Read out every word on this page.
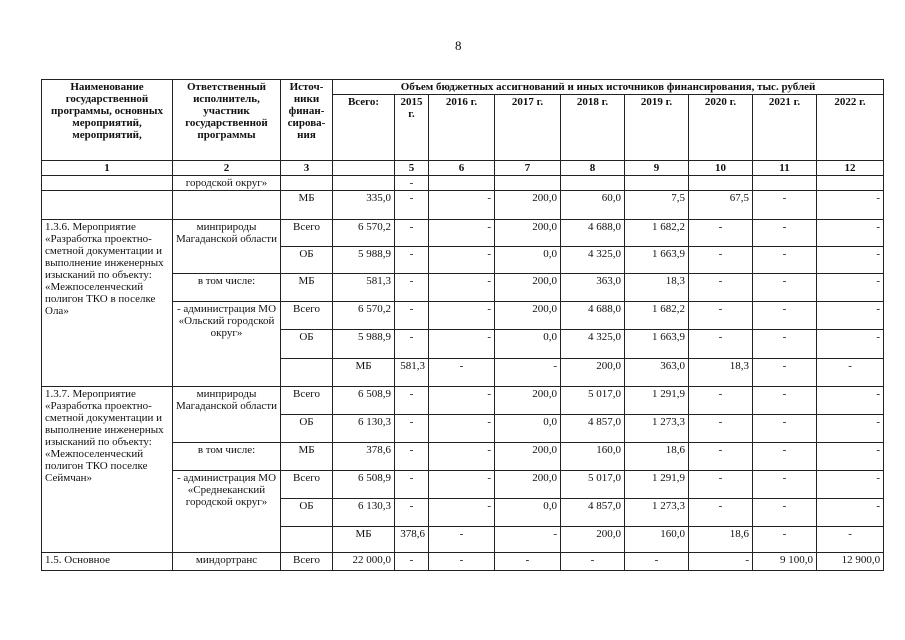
8
Наименование государственной программы, основных мероприятий, мероприятий,	Ответственный исполнитель, участник государственной программы	Источ-ники финан-сирова-ния	Объем бюджетных ассигнований и иных источников финансирования, тыс. рублей									
			Всего:	2015 г.	2016 г.	2017 г.	2018 г.	2019 г.	2020 г.	2021 г.	2022 г.	
1	2	3		5	6	7	8	9	10	11	12	
	городской округ»			-								
		МБ	335,0	-	-	200,0	60,0	7,5	67,5	-	-	
1.3.6. Мероприятие «Разработка проектно-сметной документации и выполнение инженерных изысканий по объекту: «Межпоселенческий полигон ТКО в поселке Ола»	минприроды Магаданской области	Всего	6 570,2	-	-	200,0	4 688,0	1 682,2	-	-	-	
		ОБ	5 988,9	-	-	0,0	4 325,0	1 663,9	-	-	-	
	в том числе:	МБ	581,3	-	-	200,0	363,0	18,3	-	-	-	
	- администрация МО «Ольский городской округ»	Всего	6 570,2	-	-	200,0	4 688,0	1 682,2	-	-	-	
		ОБ	5 988,9	-	-	0,0	4 325,0	1 663,9	-	-	-	
			МБ	581,3	-	-	200,0	363,0	18,3	-	-	
1.3.7. Мероприятие «Разработка проектно-сметной документации и выполнение инженерных изысканий по объекту: «Межпоселенческий полигон ТКО поселке Сеймчан»	минприроды Магаданской области	Всего	6 508,9	-	-	200,0	5 017,0	1 291,9	-	-	-	
		ОБ	6 130,3	-	-	0,0	4 857,0	1 273,3	-	-	-	
	в том числе:	МБ	378,6	-	-	200,0	160,0	18,6	-	-	-	
	- администрация МО «Среднеканский городской округ»	Всего	6 508,9	-	-	200,0	5 017,0	1 291,9	-	-	-	
		ОБ	6 130,3	-	-	0,0	4 857,0	1 273,3	-	-	-	
			МБ	378,6	-	-	200,0	160,0	18,6	-	-	
1.5. Основное	миндортранс	Всего	22 000,0	-	-	-	-	-	-	9 100,0	12 900,0	
